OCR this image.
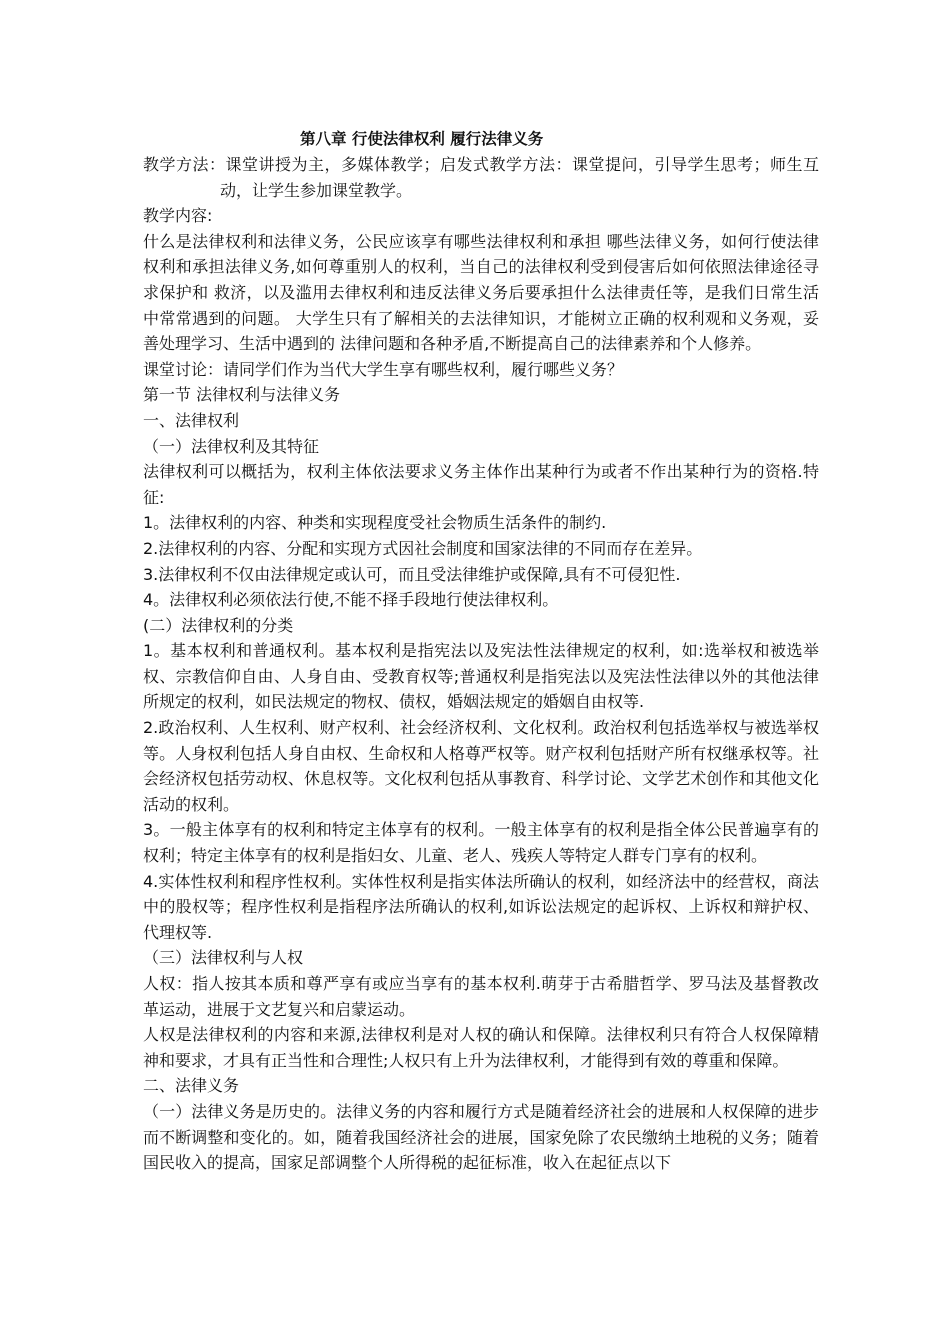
第八章 行使法律权利 履行法律义务

教学方法：课堂讲授为主，多媒体教学；启发式教学方法：课堂提问，引导学生思考；师生互动，让学生参加课堂教学。

教学内容:

什么是法律权利和法律义务，公民应该享有哪些法律权利和承担 哪些法律义务，如何行使法律权利和承担法律义务,如何尊重别人的权利，当自己的法律权利受到侵害后如何依照法律途径寻求保护和 救济，以及滥用去律权利和违反法律义务后要承担什么法律责任等，是我们日常生活中常常遇到的问题。 大学生只有了解相关的去法律知识，才能树立正确的权利观和义务观，妥善处理学习、生活中遇到的 法律问题和各种矛盾,不断提高自己的法律素养和个人修养。

课堂讨论：请同学们作为当代大学生享有哪些权利，履行哪些义务？

第一节 法律权利与法律义务

一、法律权利

（一）法律权利及其特征

法律权利可以概括为，权利主体依法要求义务主体作出某种行为或者不作出某种行为的资格.特征:

1。法律权利的内容、种类和实现程度受社会物质生活条件的制约.

2.法律权利的内容、分配和实现方式因社会制度和国家法律的不同而存在差异。

3.法律权利不仅由法律规定或认可，而且受法律维护或保障,具有不可侵犯性.

4。法律权利必须依法行使,不能不择手段地行使法律权利。

(二）法律权利的分类

1。基本权利和普通权利。基本权利是指宪法以及宪法性法律规定的权利，如:选举权和被选举权、宗教信仰自由、人身自由、受教育权等;普通权利是指宪法以及宪法性法律以外的其他法律所规定的权利，如民法规定的物权、债权，婚姻法规定的婚姻自由权等.

2.政治权利、人生权利、财产权利、社会经济权利、文化权利。政治权利包括选举权与被选举权等。人身权利包括人身自由权、生命权和人格尊严权等。财产权利包括财产所有权继承权等。社会经济权包括劳动权、休息权等。文化权利包括从事教育、科学讨论、文学艺术创作和其他文化活动的权利。

3。一般主体享有的权利和特定主体享有的权利。一般主体享有的权利是指全体公民普遍享有的权利；特定主体享有的权利是指妇女、儿童、老人、残疾人等特定人群专门享有的权利。

4.实体性权利和程序性权利。实体性权利是指实体法所确认的权利，如经济法中的经营权，商法中的股权等；程序性权利是指程序法所确认的权利,如诉讼法规定的起诉权、上诉权和辩护权、代理权等.

（三）法律权利与人权

人权：指人按其本质和尊严享有或应当享有的基本权利.萌芽于古希腊哲学、罗马法及基督教改革运动，进展于文艺复兴和启蒙运动。

人权是法律权利的内容和来源,法律权利是对人权的确认和保障。法律权利只有符合人权保障精神和要求，才具有正当性和合理性;人权只有上升为法律权利，才能得到有效的尊重和保障。

二、法律义务

（一）法律义务是历史的。法律义务的内容和履行方式是随着经济社会的进展和人权保障的进步而不断调整和变化的。如，随着我国经济社会的进展，国家免除了农民缴纳土地税的义务；随着国民收入的提高，国家足部调整个人所得税的起征标准，收入在起征点以下
